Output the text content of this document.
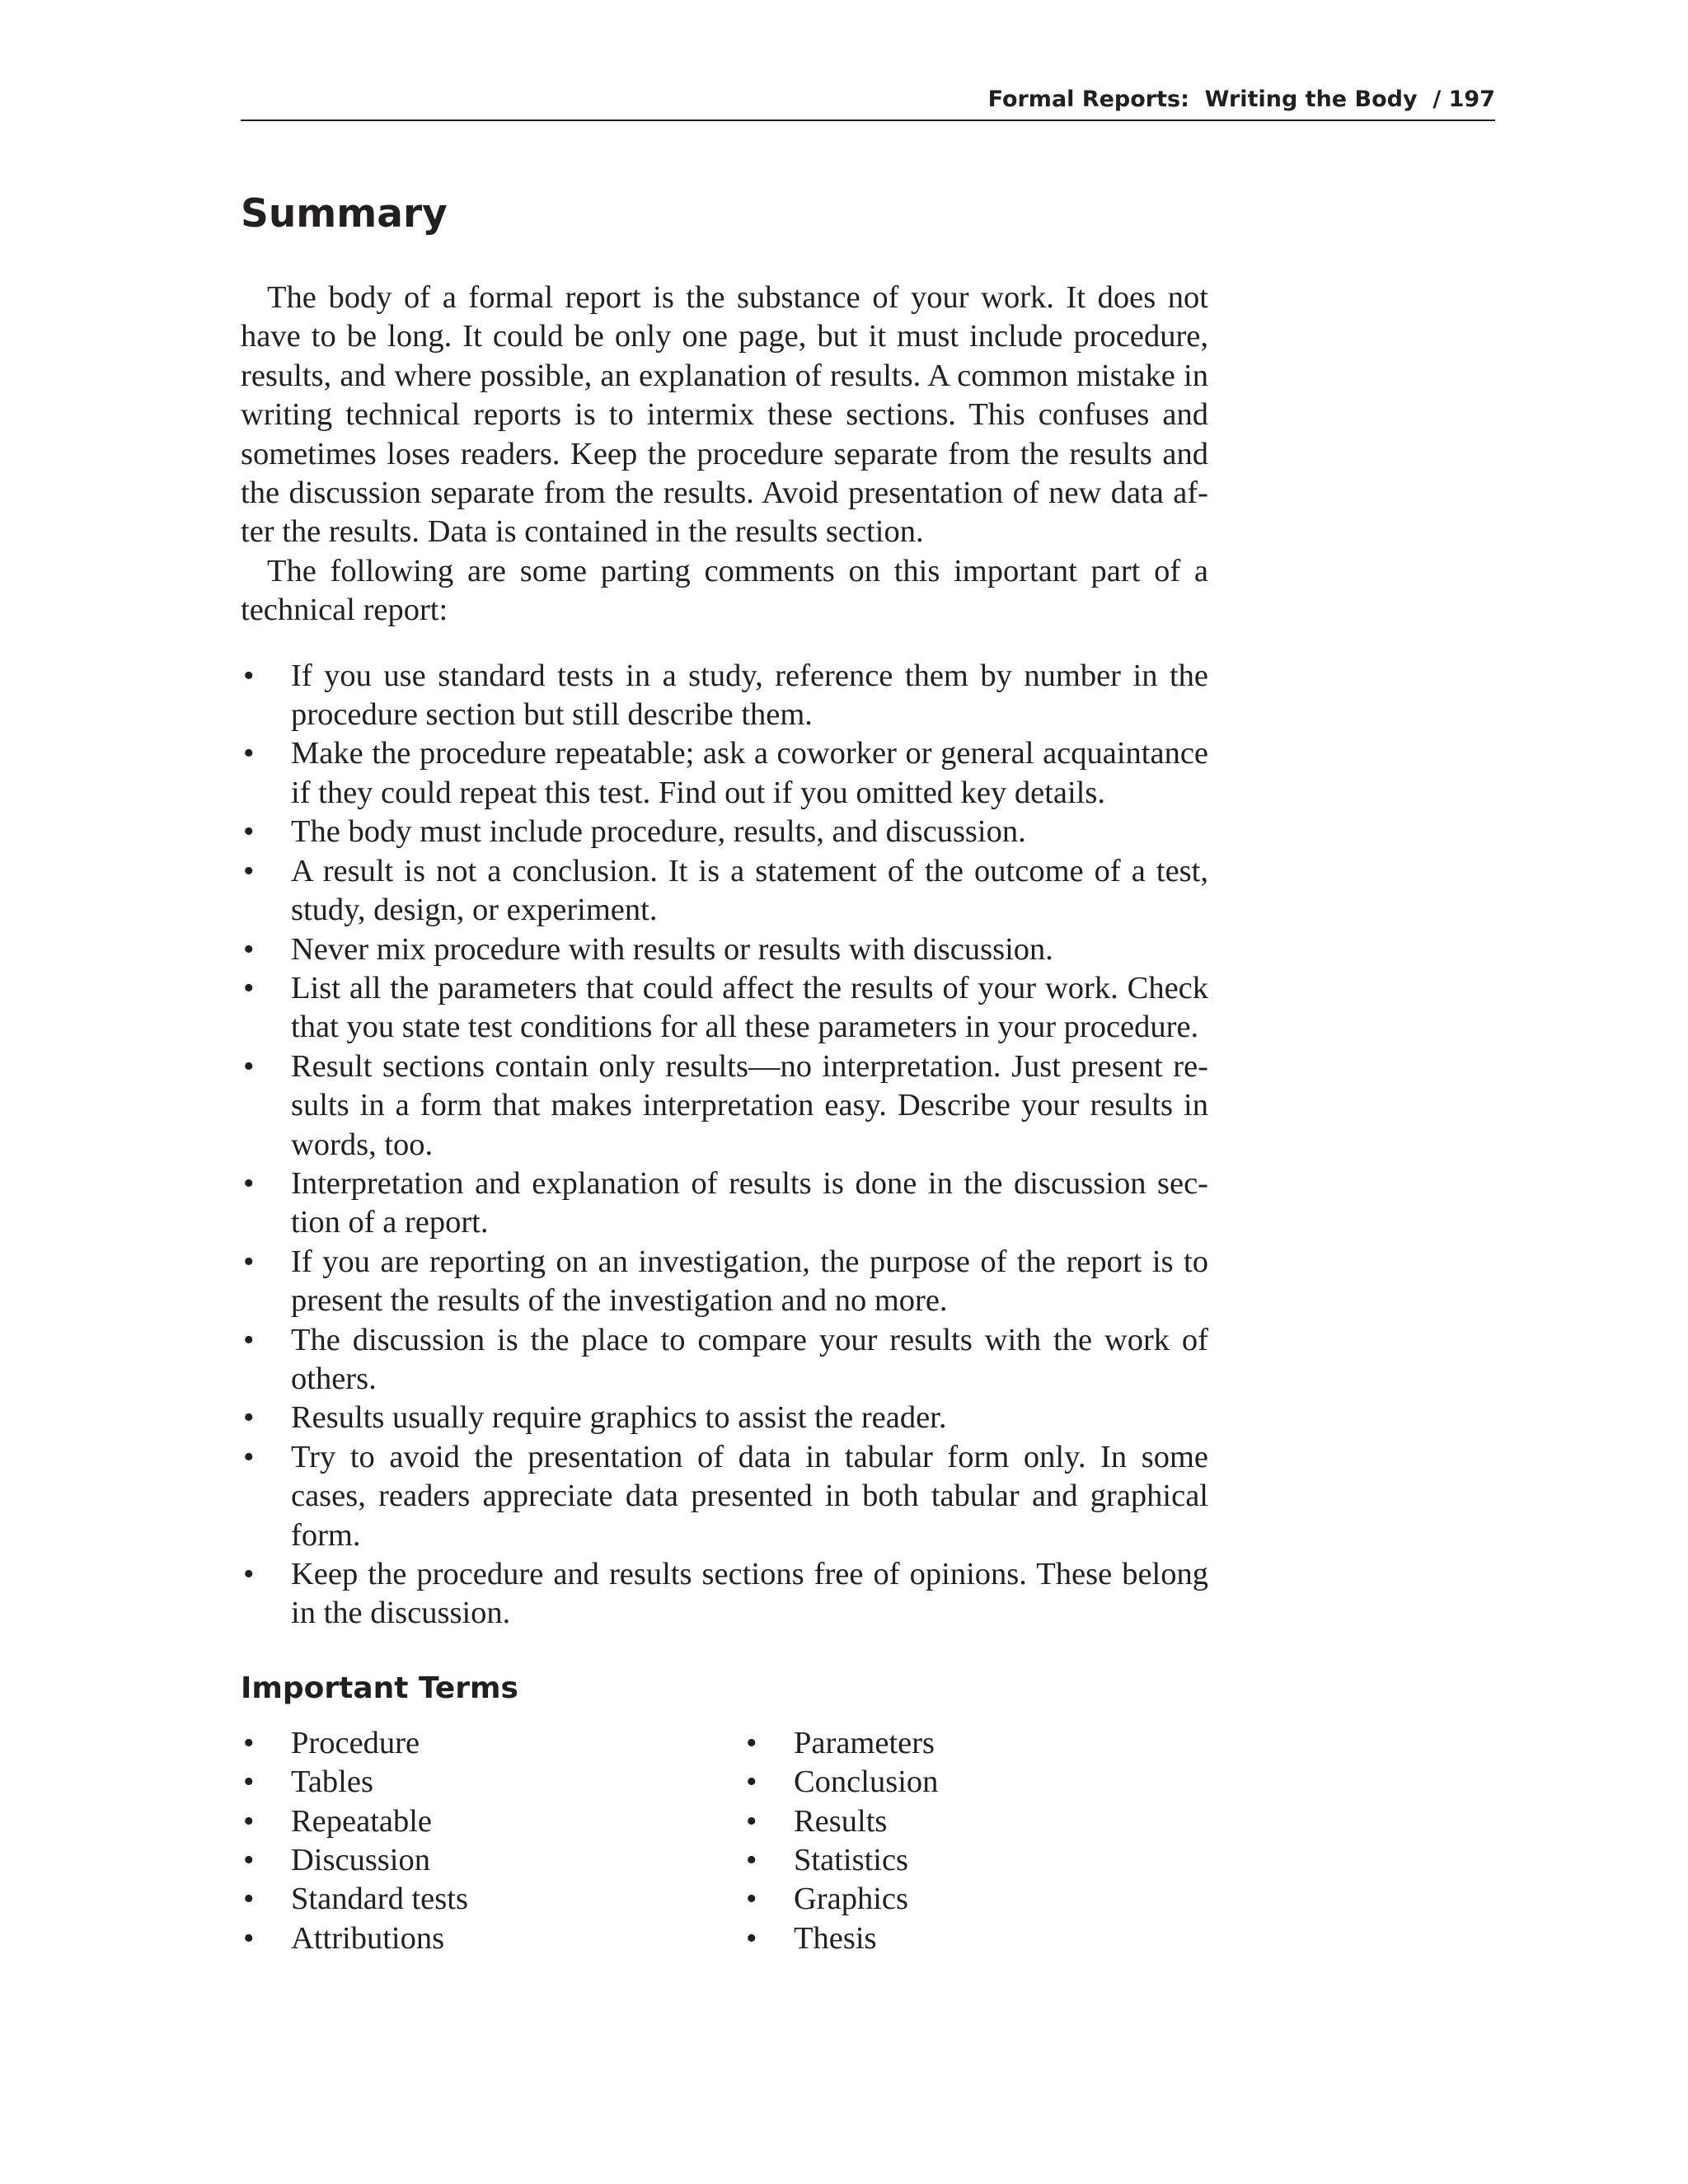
Formal Reports:  Writing the Body  / 197
Summary

The body of a formal report is the substance of your work. It does not have to be long. It could be only one page, but it must include procedure, results, and where possible, an explanation of results. A common mistake in writing technical reports is to intermix these sections. This confuses and sometimes loses readers. Keep the procedure separate from the results and the discussion separate from the results. Avoid presentation of new data af-ter the results. Data is contained in the results section.

The following are some parting comments on this important part of a technical report:

• If you use standard tests in a study, reference them by number in the procedure section but still describe them.
• Make the procedure repeatable; ask a coworker or general acquaintance if they could repeat this test. Find out if you omitted key details.
• The body must include procedure, results, and discussion.
• A result is not a conclusion. It is a statement of the outcome of a test, study, design, or experiment.
• Never mix procedure with results or results with discussion.
• List all the parameters that could affect the results of your work. Check that you state test conditions for all these parameters in your procedure.
• Result sections contain only results—no interpretation. Just present re-sults in a form that makes interpretation easy. Describe your results in words, too.
• Interpretation and explanation of results is done in the discussion sec-tion of a report.
• If you are reporting on an investigation, the purpose of the report is to present the results of the investigation and no more.
• The discussion is the place to compare your results with the work of others.
• Results usually require graphics to assist the reader.
• Try to avoid the presentation of data in tabular form only. In some cases, readers appreciate data presented in both tabular and graphical form.
• Keep the procedure and results sections free of opinions. These belong in the discussion.
Important Terms
• Procedure
• Tables
• Repeatable
• Discussion
• Standard tests
• Attributions
• Parameters
• Conclusion
• Results
• Statistics
• Graphics
• Thesis
